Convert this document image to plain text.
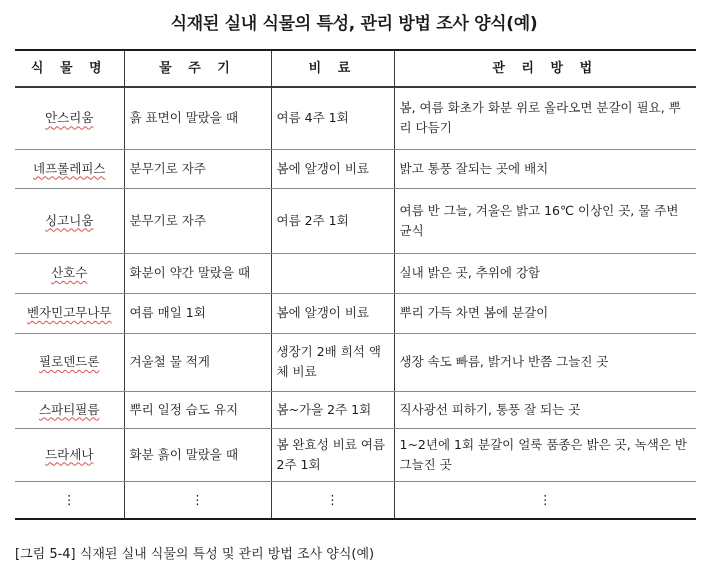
식재된 실내 식물의 특성, 관리 방법 조사 양식(예)
식 물 명	물 주 기	비 료	관 리 방 법
안스리움	흙 표면이 말랐을 때	여름 4주 1회	봄, 여름 화초가 화분 위로 올라오면 분갈이 필요, 뿌리 다듬기
네프롤레피스	분무기로 자주	봄에 알갱이 비료	밝고 통풍 잘되는 곳에 배치
싱고니움	분무기로 자주	여름 2주 1회	여름 반 그늘, 겨울은 밝고 16℃ 이상인 곳, 물 주변 균식
산호수	화분이 약간 말랐을 때		실내 밝은 곳, 추위에 강함
벤자민고무나무	여름 매일 1회	봄에 알갱이 비료	뿌리 가득 차면 봄에 분갈이
필로덴드론	겨울철 물 적게	생장기 2배 희석 액체 비료	생장 속도 빠름, 밝거나 반쯤 그늘진 곳
스파티필름	뿌리 일정 습도 유지	봄~가을 2주 1회	직사광선 피하기, 통풍 잘 되는 곳
드라세나	화분 흙이 말랐을 때	봄 완효성 비료 여름 2주 1회	1~2년에 1회 분갈이 얼룩 품종은 밝은 곳, 녹색은 반 그늘진 곳
⋮	⋮	⋮	⋮
[그림 5-4] 식재된 실내 식물의 특성 및 관리 방법 조사 양식(예)
